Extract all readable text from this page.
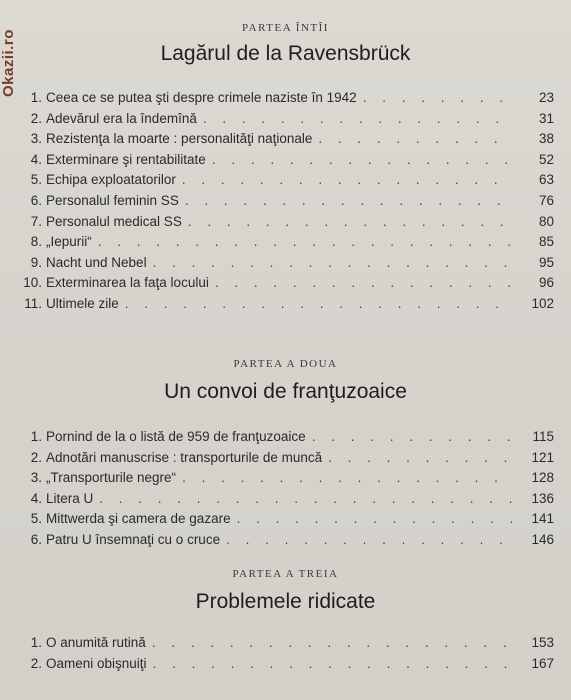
Okazii.ro
PARTEA ÎNTÎI
Lagărul de la Ravensbrück
1. Ceea ce se putea şti despre crimele naziste în 1942 . . .	23
2. Adevărul era la îndemînă . . .	31
3. Rezistenţa la moarte : personalităţi naţionale . . .	38
4. Exterminare şi rentabilitate . . .	52
5. Echipa exploatatorilor . . .	63
6. Personalul feminin SS . . .	76
7. Personalul medical SS . . .	80
8. „Iepurii“ . . .	85
9. Nacht und Nebel . . .	95
10. Exterminarea la faţa locului . . .	96
11. Ultimele zile . . .	102
PARTEA A DOUA
Un convoi de franţuzoaice
1. Pornind de la o listă de 959 de franţuzoaice . . .	115
2. Adnotări manuscrise : transporturile de muncă . . .	121
3. „Transporturile negre“ . . .	128
4. Litera U . . .	136
5. Mittwerda şi camera de gazare . . .	141
6. Patru U însemnaţi cu o cruce . . .	146
PARTEA A TREIA
Problemele ridicate
1. O anumită rutină . . .	153
2. Oameni obişnuiţi . . .	167
